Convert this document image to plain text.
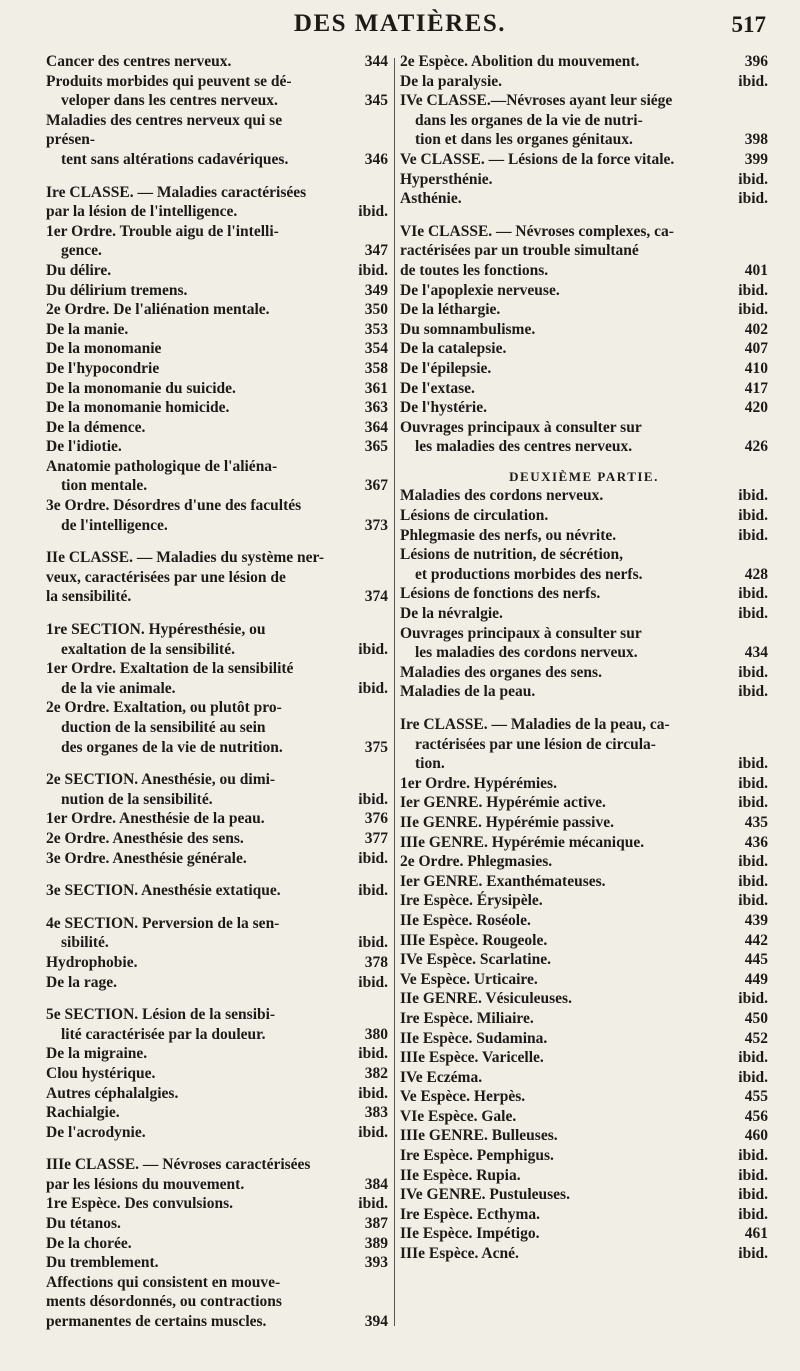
DES MATIÈRES.	517
Cancer des centres nerveux.	344
Produits morbides qui peuvent se dé-
veloper dans les centres nerveux.	345
Maladies des centres nerveux qui se présen-
tent sans altérations cadavériques.	346
Ire CLASSE. — Maladies caractérisées
par la lésion de l'intelligence.	ibid.
1er Ordre. Trouble aigu de l'intelli-
gence.	347
Du délire.	ibid.
Du délirium tremens.	349
2e Ordre. De l'aliénation mentale.	350
De la manie.	353
De la monomanie	354
De l'hypocondrie	358
De la monomanie du suicide.	361
De la monomanie homicide.	363
De la démence.	364
De l'idiotie.	365
Anatomie pathologique de l'aliéna-
tion mentale.	367
3e Ordre. Désordres d'une des facultés
de l'intelligence.	373
IIe CLASSE. — Maladies du système ner-
veux, caractérisées par une lésion de
la sensibilité.	374
1re SECTION. Hypéresthésie, ou
exaltation de la sensibilité.	ibid.
1er Ordre. Exaltation de la sensibilité
de la vie animale.	ibid.
2e Ordre. Exaltation, ou plutôt pro-
duction de la sensibilité au sein
des organes de la vie de nutrition.	375
2e SECTION. Anesthésie, ou dimi-
nution de la sensibilité.	ibid.
1er Ordre. Anesthésie de la peau.	376
2e Ordre. Anesthésie des sens.	377
3e Ordre. Anesthésie générale.	ibid.
3e SECTION. Anesthésie extatique.	ibid.
4e SECTION. Perversion de la sen-
sibilité.	ibid.
Hydrophobie.	378
De la rage.	ibid.
5e SECTION. Lésion de la sensibi-
lité caractérisée par la douleur.	380
De la migraine.	ibid.
Clou hystérique.	382
Autres céphalalgies.	ibid.
Rachialgie.	383
De l'acrodynie.	ibid.
IIIe CLASSE. — Névroses caractérisées
par les lésions du mouvement.	384
1re Espèce. Des convulsions.	ibid.
Du tétanos.	387
De la chorée.	389
Du tremblement.	393
Affections qui consistent en mouve-
ments désordonnés, ou contractions
permanentes de certains muscles.	394
2e Espèce. Abolition du mouvement.	396
De la paralysie.	ibid.
IVe CLASSE.—Névroses ayant leur siége
dans les organes de la vie de nutri-
tion et dans les organes génitaux.	398
Ve CLASSE. — Lésions de la force vitale.	399
Hypersthénie.	ibid.
Asthénie.	ibid.
VIe CLASSE. — Névroses complexes, ca-
ractérisées par un trouble simultané
de toutes les fonctions.	401
De l'apoplexie nerveuse.	ibid.
De la léthargie.	ibid.
Du somnambulisme.	402
De la catalepsie.	407
De l'épilepsie.	410
De l'extase.	417
De l'hystérie.	420
Ouvrages principaux à consulter sur
les maladies des centres nerveux.	426
DEUXIÈME PARTIE.
Maladies des cordons nerveux.	ibid.
Lésions de circulation.	ibid.
Phlegmasie des nerfs, ou névrite.	ibid.
Lésions de nutrition, de sécrétion,
et productions morbides des nerfs.	428
Lésions de fonctions des nerfs.	ibid.
De la névralgie.	ibid.
Ouvrages principaux à consulter sur
les maladies des cordons nerveux.	434
Maladies des organes des sens.	ibid.
Maladies de la peau.	ibid.
Ire CLASSE. — Maladies de la peau, ca-
ractérisées par une lésion de circula-
tion.	ibid.
1er Ordre. Hypérémies.	ibid.
Ier GENRE. Hypérémie active.	ibid.
IIe GENRE. Hypérémie passive.	435
IIIe GENRE. Hypérémie mécanique.	436
2e Ordre. Phlegmasies.	ibid.
Ier GENRE. Exanthémateuses.	ibid.
Ire Espèce. Érysipèle.	ibid.
IIe Espèce. Roséole.	439
IIIe Espèce. Rougeole.	442
IVe Espèce. Scarlatine.	445
Ve Espèce. Urticaire.	449
IIe GENRE. Vésiculeuses.	ibid.
Ire Espèce. Miliaire.	450
IIe Espèce. Sudamina.	452
IIIe Espèce. Varicelle.	ibid.
IVe Eczéma.	ibid.
Ve Espèce. Herpès.	455
VIe Espèce. Gale.	456
IIIe GENRE. Bulleuses.	460
Ire Espèce. Pemphigus.	ibid.
IIe Espèce. Rupia.	ibid.
IVe GENRE. Pustuleuses.	ibid.
Ire Espèce. Ecthyma.	ibid.
IIe Espèce. Impétigo.	461
IIIe Espèce. Acné.	ibid.
